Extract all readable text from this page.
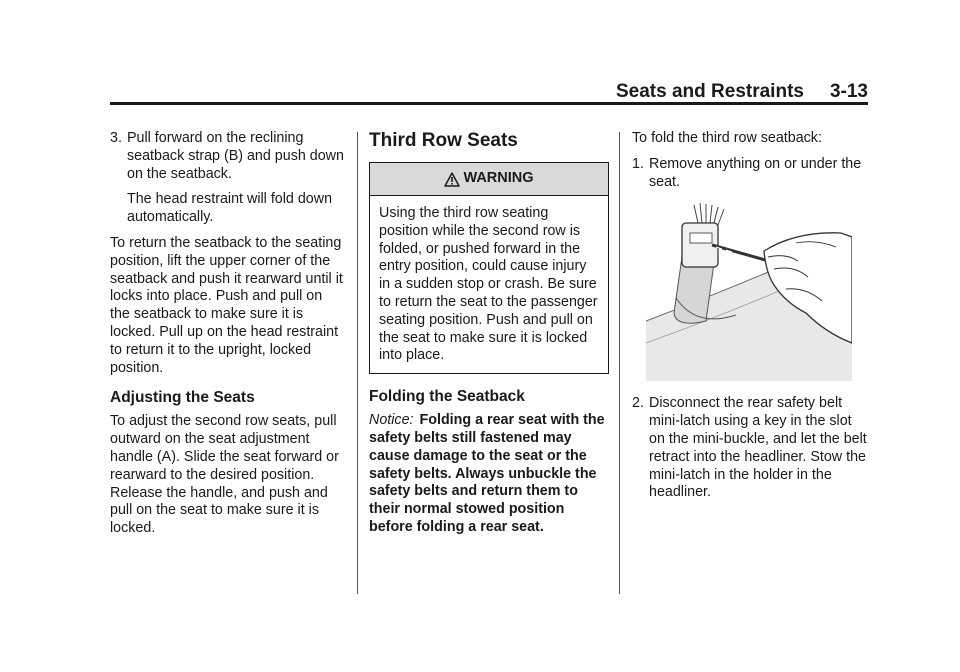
Seats and Restraints 3-13
3. Pull forward on the reclining seatback strap (B) and push down on the seatback.

The head restraint will fold down automatically.

To return the seatback to the seating position, lift the upper corner of the seatback and push it rearward until it locks into place. Push and pull on the seatback to make sure it is locked. Pull up on the head restraint to return it to the upright, locked position.

Adjusting the Seats

To adjust the second row seats, pull outward on the seat adjustment handle (A). Slide the seat forward or rearward to the desired position. Release the handle, and push and pull on the seat to make sure it is locked.

Third Row Seats
WARNING
Using the third row seating position while the second row is folded, or pushed forward in the entry position, could cause injury in a sudden stop or crash. Be sure to return the seat to the passenger seating position. Push and pull on the seat to make sure it is locked into place.
Folding the Seatback

Notice: Folding a rear seat with the safety belts still fastened may cause damage to the seat or the safety belts. Always unbuckle the safety belts and return them to their normal stowed position before folding a rear seat.

To fold the third row seatback:

1. Remove anything on or under the seat.
2. Disconnect the rear safety belt mini-latch using a key in the slot on the mini-buckle, and let the belt retract into the headliner. Stow the mini-latch in the holder in the headliner.
